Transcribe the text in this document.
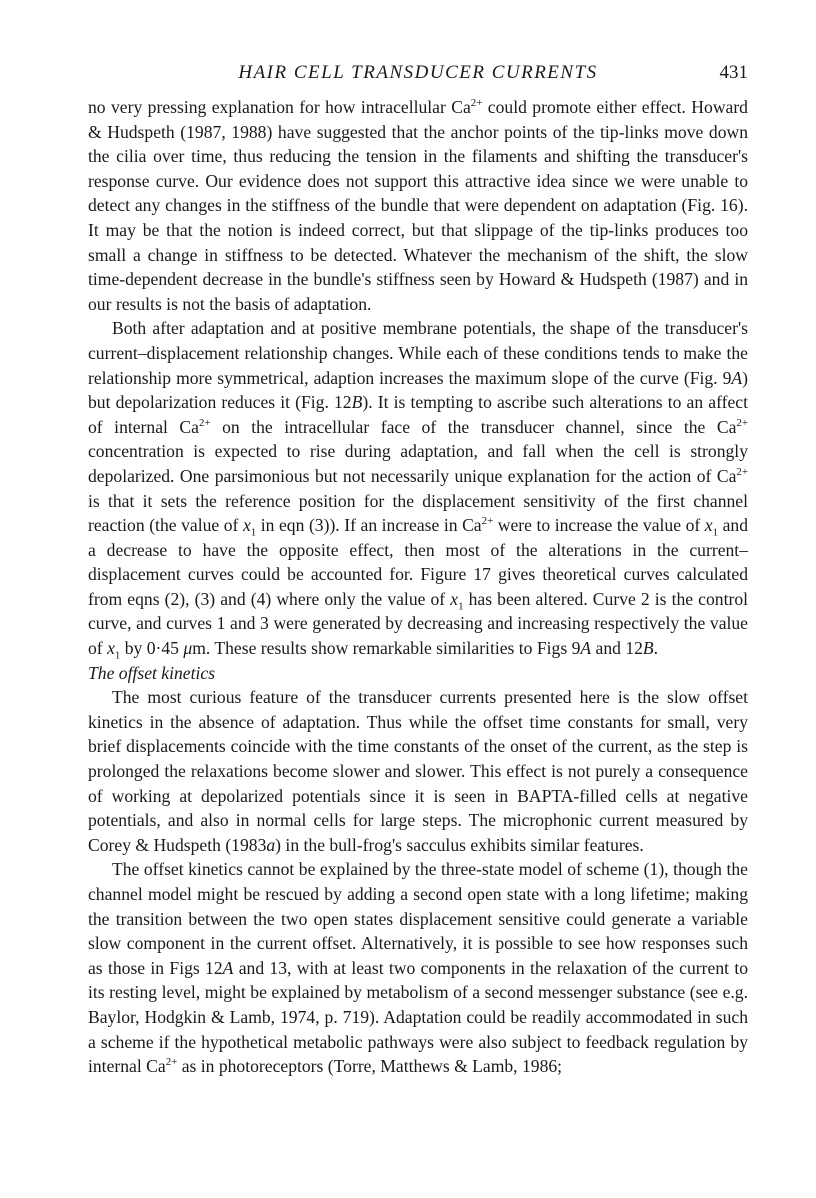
HAIR CELL TRANSDUCER CURRENTS	431

no very pressing explanation for how intracellular $Ca^{2+}$ could promote either effect. Howard & Hudspeth (1987, 1988) have suggested that the anchor points of the tip-links move down the cilia over time, thus reducing the tension in the filaments and shifting the transducer's response curve. Our evidence does not support this attractive idea since we were unable to detect any changes in the stiffness of the bundle that were dependent on adaptation (Fig. 16). It may be that the notion is indeed correct, but that slippage of the tip-links produces too small a change in stiffness to be detected. Whatever the mechanism of the shift, the slow time-dependent decrease in the bundle's stiffness seen by Howard & Hudspeth (1987) and in our results is not the basis of adaptation.

Both after adaptation and at positive membrane potentials, the shape of the transducer's current–displacement relationship changes. While each of these conditions tends to make the relationship more symmetrical, adaption increases the maximum slope of the curve (Fig. 9A) but depolarization reduces it (Fig. 12B). It is tempting to ascribe such alterations to an affect of internal $Ca^{2+}$ on the intracellular face of the transducer channel, since the $Ca^{2+}$ concentration is expected to rise during adaptation, and fall when the cell is strongly depolarized. One parsimonious but not necessarily unique explanation for the action of $Ca^{2+}$ is that it sets the reference position for the displacement sensitivity of the first channel reaction (the value of $x_1$ in eqn (3)). If an increase in $Ca^{2+}$ were to increase the value of $x_1$ and a decrease to have the opposite effect, then most of the alterations in the current–displacement curves could be accounted for. Figure 17 gives theoretical curves calculated from eqns (2), (3) and (4) where only the value of $x_1$ has been altered. Curve 2 is the control curve, and curves 1 and 3 were generated by decreasing and increasing respectively the value of $x_1$ by 0·45 μm. These results show remarkable similarities to Figs 9A and 12B.

The offset kinetics

The most curious feature of the transducer currents presented here is the slow offset kinetics in the absence of adaptation. Thus while the offset time constants for small, very brief displacements coincide with the time constants of the onset of the current, as the step is prolonged the relaxations become slower and slower. This effect is not purely a consequence of working at depolarized potentials since it is seen in BAPTA-filled cells at negative potentials, and also in normal cells for large steps. The microphonic current measured by Corey & Hudspeth (1983a) in the bull-frog's sacculus exhibits similar features.

The offset kinetics cannot be explained by the three-state model of scheme (1), though the channel model might be rescued by adding a second open state with a long lifetime; making the transition between the two open states displacement sensitive could generate a variable slow component in the current offset. Alternatively, it is possible to see how responses such as those in Figs 12A and 13, with at least two components in the relaxation of the current to its resting level, might be explained by metabolism of a second messenger substance (see e.g. Baylor, Hodgkin & Lamb, 1974, p. 719). Adaptation could be readily accommodated in such a scheme if the hypothetical metabolic pathways were also subject to feedback regulation by internal $Ca^{2+}$ as in photoreceptors (Torre, Matthews & Lamb, 1986;
